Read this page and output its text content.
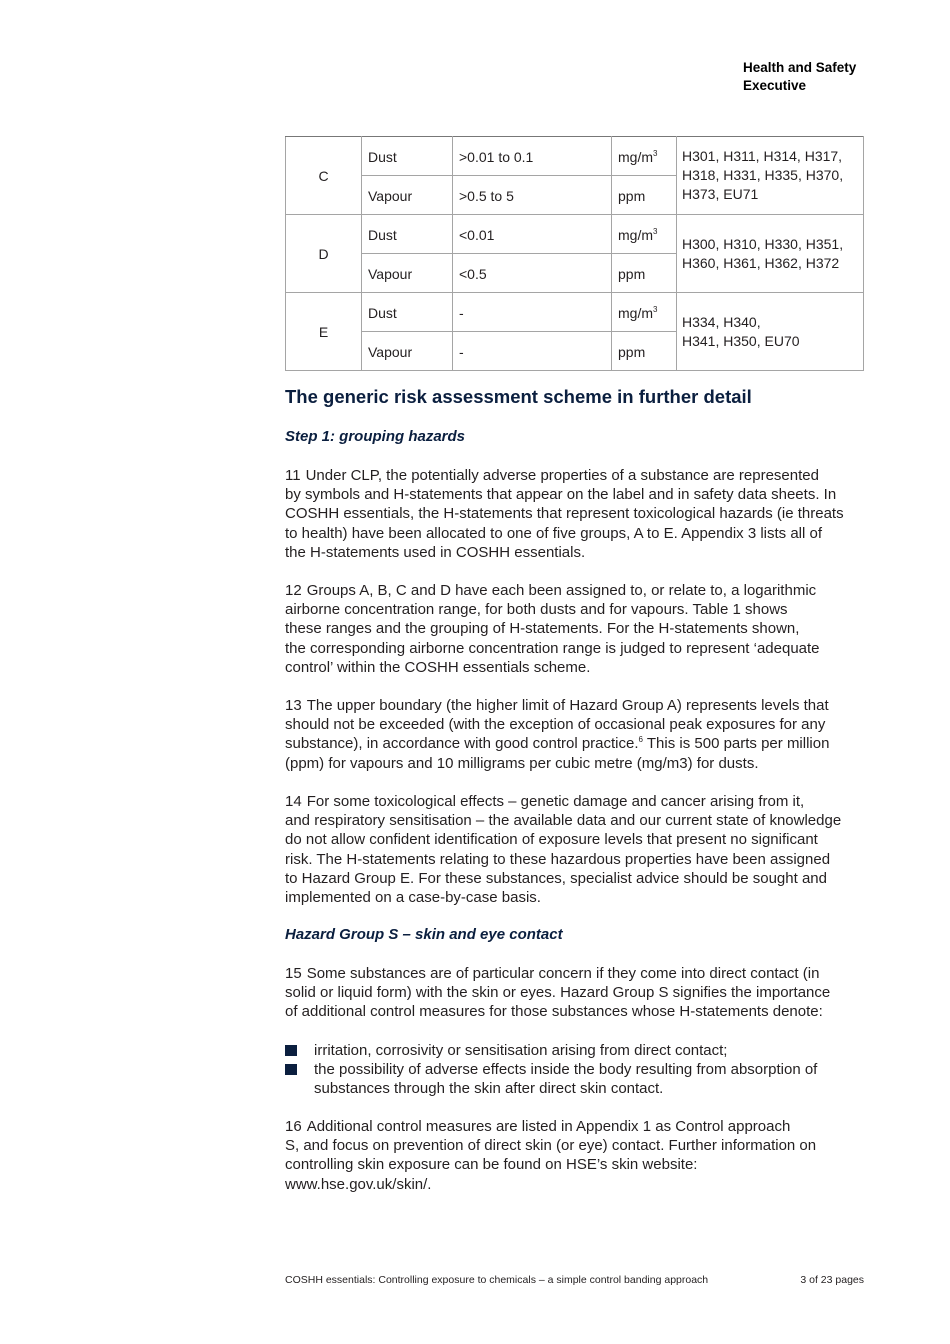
Health and Safety
Executive
C	Dust	>0.01 to 0.1	$mg/m^3$	H301, H311, H314, H317,
H318, H331, H335, H370,
H373, EU71

	Vapour	>0.5 to 5	ppm	
D	Dust	<0.01	$mg/m^3$	H300, H310, H330, H351,
H360, H361, H362, H372

	Vapour	<0.5	ppm	
E	Dust	-	$mg/m^3$	H334, H340,
H341, H350, EU70

	Vapour	-	ppm	
The generic risk assessment scheme in further detail
Step 1: grouping hazards
11 Under CLP, the potentially adverse properties of a substance are represented
by symbols and H-statements that appear on the label and in safety data sheets. In
COSHH essentials, the H-statements that represent toxicological hazards (ie threats
to health) have been allocated to one of five groups, A to E. Appendix 3 lists all of
the H-statements used in COSHH essentials.
12 Groups A, B, C and D have each been assigned to, or relate to, a logarithmic
airborne concentration range, for both dusts and for vapours. Table 1 shows
these ranges and the grouping of H-statements. For the H-statements shown,
the corresponding airborne concentration range is judged to represent ‘adequate
control’ within the COSHH essentials scheme.
13 The upper boundary (the higher limit of Hazard Group A) represents levels that
should not be exceeded (with the exception of occasional peak exposures for any
substance), in accordance with good control practice.$^6$ This is 500 parts per million
(ppm) for vapours and 10 milligrams per cubic metre (mg/m3) for dusts.
14 For some toxicological effects – genetic damage and cancer arising from it,
and respiratory sensitisation – the available data and our current state of knowledge
do not allow confident identification of exposure levels that present no significant
risk. The H-statements relating to these hazardous properties have been assigned
to Hazard Group E. For these substances, specialist advice should be sought and
implemented on a case-by-case basis.
Hazard Group S – skin and eye contact
15 Some substances are of particular concern if they come into direct contact (in
solid or liquid form) with the skin or eyes. Hazard Group S signifies the importance
of additional control measures for those substances whose H-statements denote:
irritation, corrosivity or sensitisation arising from direct contact;
the possibility of adverse effects inside the body resulting from absorption of
substances through the skin after direct skin contact.
16 Additional control measures are listed in Appendix 1 as Control approach
S, and focus on prevention of direct skin (or eye) contact. Further information on
controlling skin exposure can be found on HSE’s skin website:
www.hse.gov.uk/skin/.
COSHH essentials: Controlling exposure to chemicals – a simple control banding approach	3 of 23 pages
